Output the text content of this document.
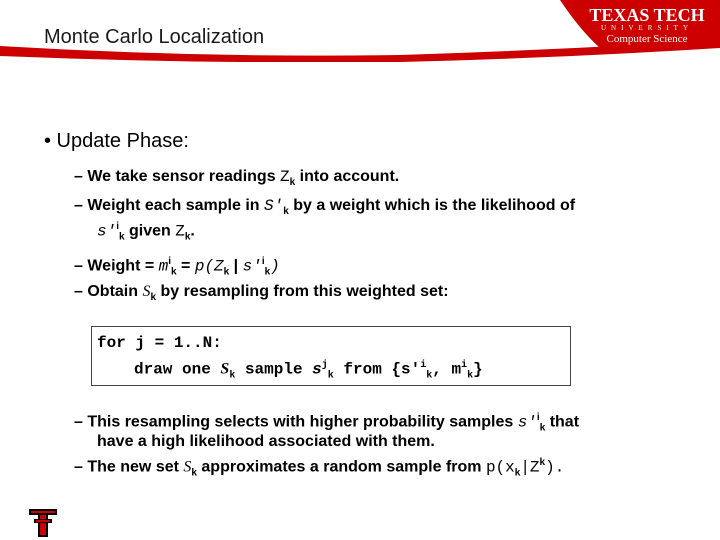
Monte Carlo Localization
TEXAS TECH
UNIVERSITY
Computer Science
• Update Phase:
– We take sensor readings $Z_k$ into account.
– Weight each sample in $S'_k$ by a weight which is the likelihood of
$s'^i_k$ given $Z_k$.
– Weight = $m^i_k = p(Z_k$ | $s'^i_k$)
– Obtain $S_k$ by resampling from this weighted set:
for j = 1..N:
draw one $S_k$ sample $s^j_k$ from {$s'^i_k$, $m^i_k$}
– This resampling selects with higher probability samples $s'^i_k$ that
have a high likelihood associated with them.
– The new set $S_k$ approximates a random sample from $p(x_k|Z^k)$.
